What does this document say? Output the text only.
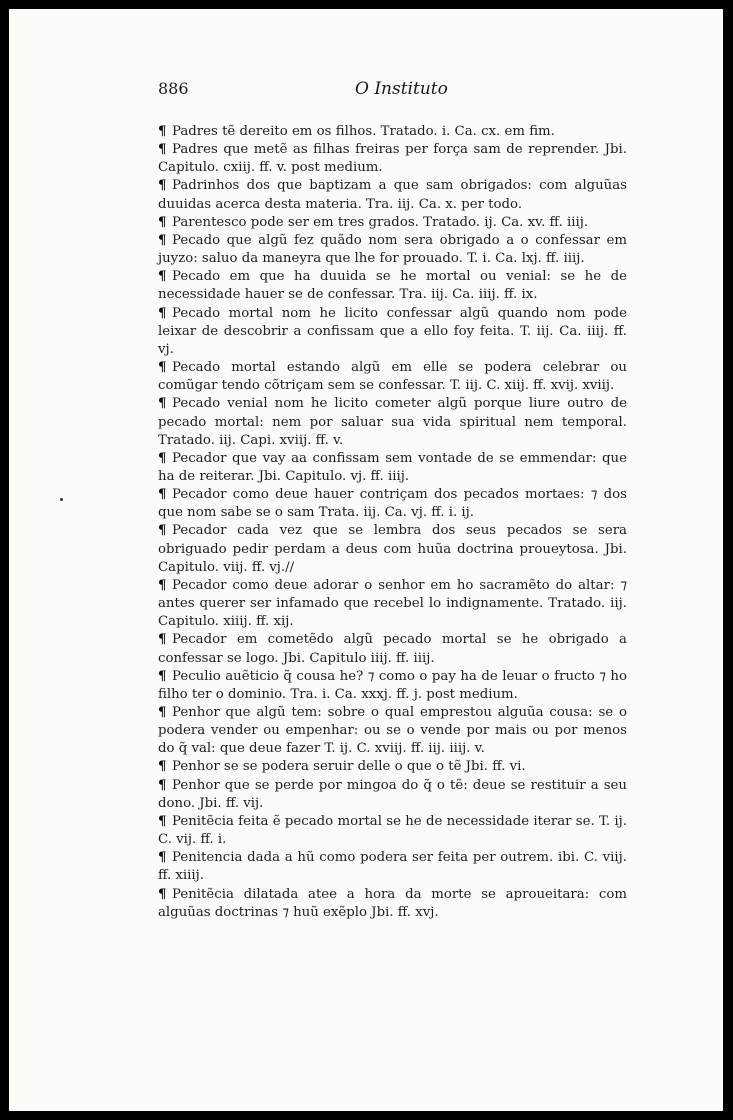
886	O Instituto

¶ Padres tẽ dereito em os filhos. Tratado. i. Ca. cx. em fim.

¶ Padres que metẽ as filhas freiras per força sam de reprender. Jbi. Capitulo. cxiij. ff. v. post medium.

¶ Padrinhos dos que baptizam a que sam obrigados: com alguũas duuidas acerca desta materia. Tra. iij. Ca. x. per todo.

¶ Parentesco pode ser em tres grados. Tratado. ij. Ca. xv. ff. iiij.

¶ Pecado que algũ fez quãdo nom sera obrigado a o confessar em juyzo: saluo da maneyra que lhe for prouado. T. i. Ca. lxj. ff. iiij.

¶ Pecado em que ha duuida se he mortal ou venial: se he de necessidade hauer se de confessar. Tra. iij. Ca. iiij. ff. ix.

¶ Pecado mortal nom he licito confessar algũ quando nom pode leixar de descobrir a confissam que a ello foy feita. T. iij. Ca. iiij. ff. vj.

¶ Pecado mortal estando algũ em elle se podera celebrar ou comũgar tendo cõtriçam sem se confessar. T. iij. C. xiij. ff. xvij. xviij.

¶ Pecado venial nom he licito cometer algũ porque liure outro de pecado mortal: nem por saluar sua vida spiritual nem temporal. Tratado. iij. Capi. xviij. ff. v.

¶ Pecador que vay aa confissam sem vontade de se emmendar: que ha de reiterar. Jbi. Capitulo. vj. ff. iiij.

¶ Pecador como deue hauer contriçam dos pecados mortaes: ⁊ dos que nom sabe se o sam Trata. iij. Ca. vj. ff. i. ij.

¶ Pecador cada vez que se lembra dos seus pecados se sera obriguado pedir perdam a deus com huũa doctrina proueytosa. Jbi. Capitulo. viij. ff. vj.//

¶ Pecador como deue adorar o senhor em ho sacramẽto do altar: ⁊ antes querer ser infamado que recebel lo indignamente. Tratado. iij. Capitulo. xiiij. ff. xij.

¶ Pecador em cometẽdo algũ pecado mortal se he obrigado a confessar se logo. Jbi. Capitulo iiij. ff. iiij.

¶ Peculio auẽticio q̃ cousa he? ⁊ como o pay ha de leuar o fructo ⁊ ho filho ter o dominio. Tra. i. Ca. xxxj. ff. j. post medium.

¶ Penhor que algũ tem: sobre o qual emprestou alguũa cousa: se o podera vender ou empenhar: ou se o vende por mais ou por menos do q̃ val: que deue fazer T. ij. C. xviij. ff. iij. iiij. v.

¶ Penhor se se podera seruir delle o que o tẽ Jbi. ff. vi.

¶ Penhor que se perde por mingoa do q̃ o tẽ: deue se restituir a seu dono. Jbi. ff. vij.

¶ Penitẽcia feita ẽ pecado mortal se he de necessidade iterar se. T. ij. C. vij. ff. i.

¶ Penitencia dada a hũ como podera ser feita per outrem. ibi. C. viij. ff. xiiij.

¶ Penitẽcia dilatada atee a hora da morte se aproueitara: com alguũas doctrinas ⁊ huũ exẽplo Jbi. ff. xvj.
